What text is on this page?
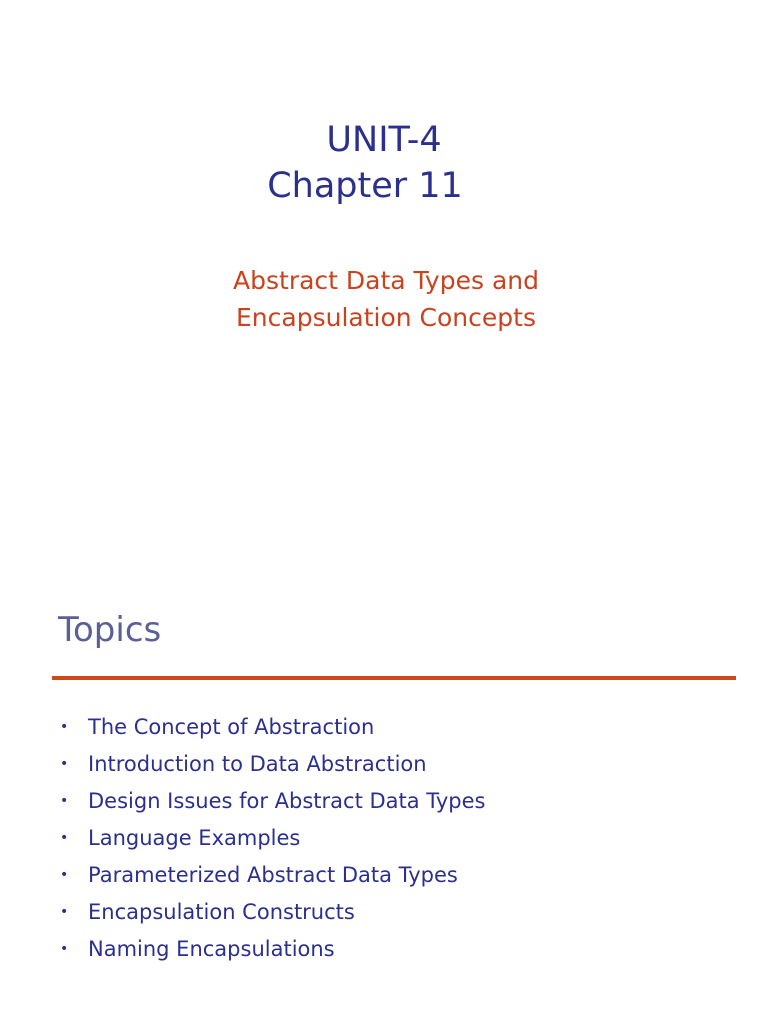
UNIT-4
Chapter 11
Abstract Data Types and
Encapsulation Concepts
Topics
• The Concept of Abstraction
• Introduction to Data Abstraction
• Design Issues for Abstract Data Types
• Language Examples
• Parameterized Abstract Data Types
• Encapsulation Constructs
• Naming Encapsulations
